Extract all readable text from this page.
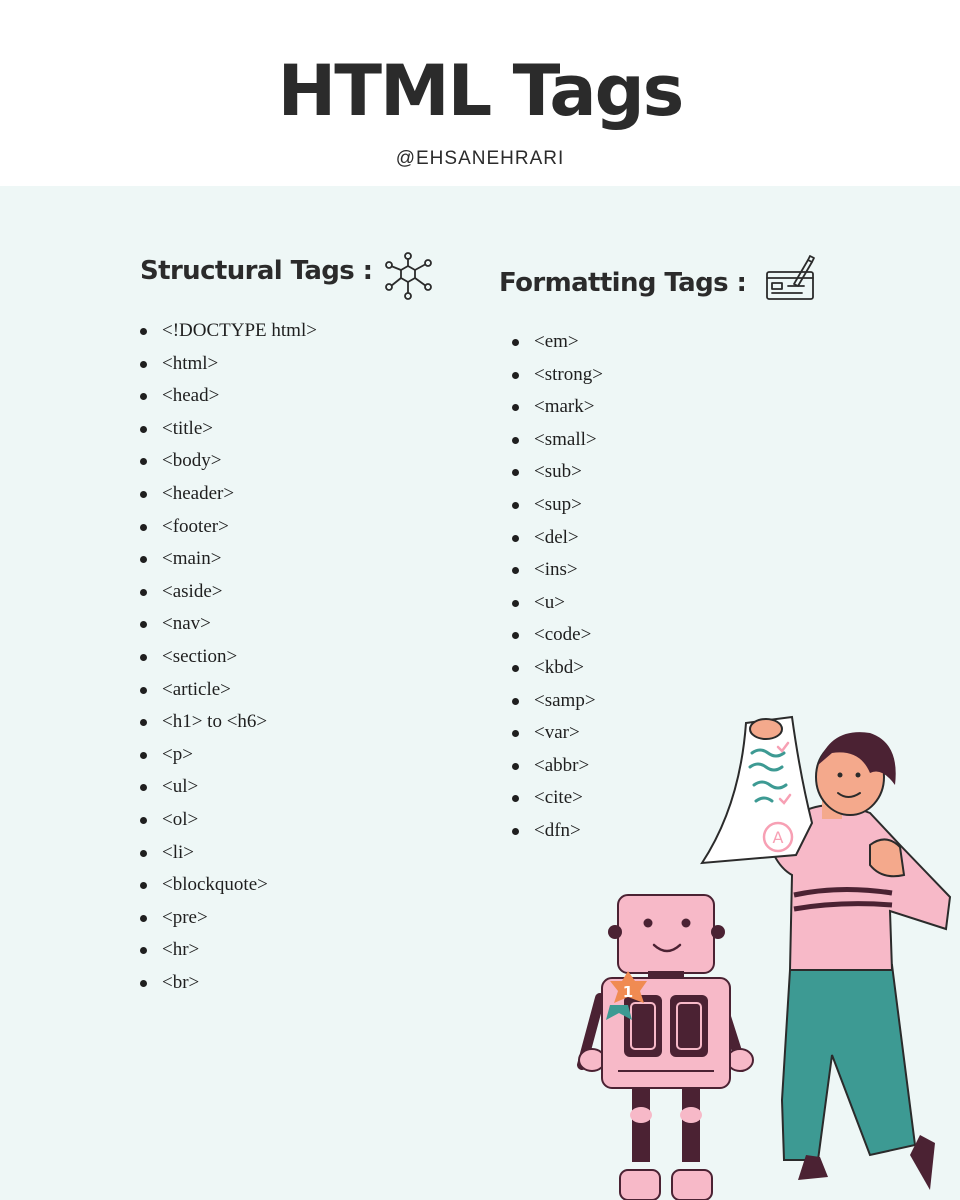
HTML Tags
@EHSANEHRARI
Structural Tags :
<!DOCTYPE html>
<html>
<head>
<title>
<body>
<header>
<footer>
<main>
<aside>
<nav>
<section>
<article>
<h1> to <h6>
<p>
<ul>
<ol>
<li>
<blockquote>
<pre>
<hr>
<br>
Formatting Tags :
<em>
<strong>
<mark>
<small>
<sub>
<sup>
<del>
<ins>
<u>
<code>
<kbd>
<samp>
<var>
<abbr>
<cite>
<dfn>
1
A
